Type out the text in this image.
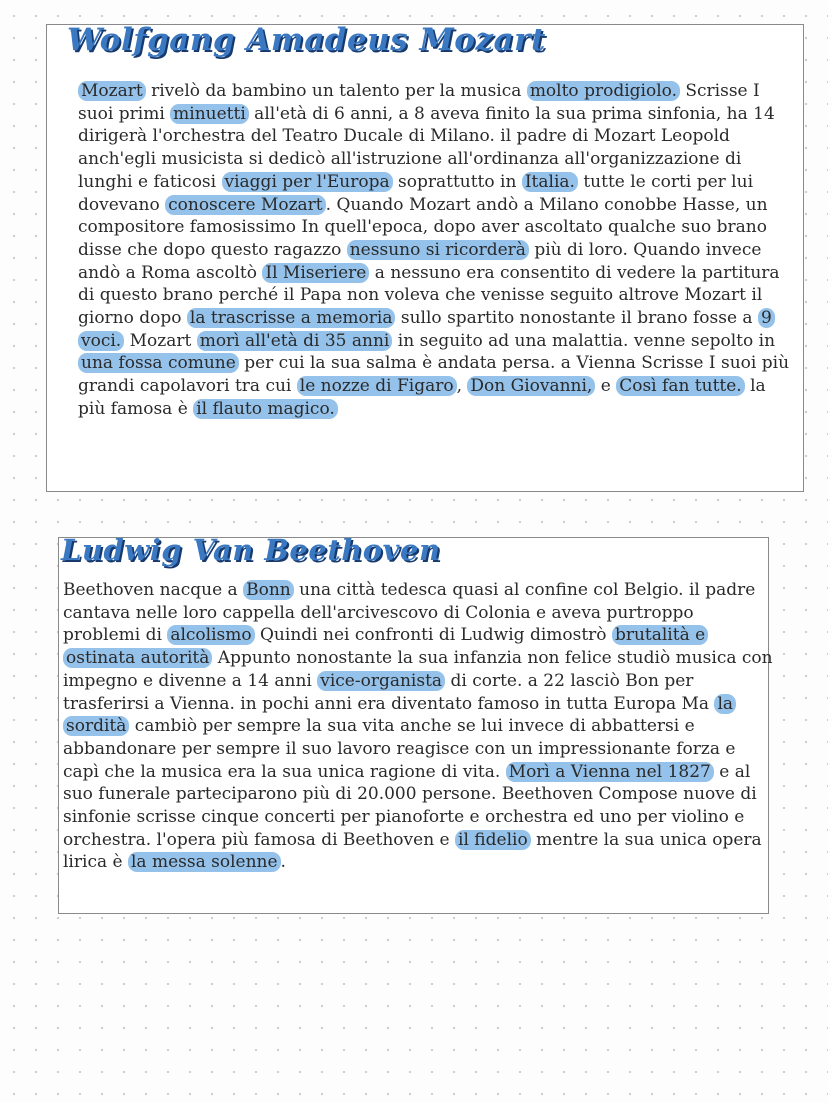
Wolfgang Amadeus Mozart

Mozart rivelò da bambino un talento per la musica molto prodigiolo. Scrisse I suoi primi minuetti all'età di 6 anni, a 8 aveva finito la sua prima sinfonia, ha 14 dirigerà l'orchestra del Teatro Ducale di Milano. il padre di Mozart Leopold anch'egli musicista si dedicò all'istruzione all'ordinanza all'organizzazione di lunghi e faticosi viaggi per l'Europa soprattutto in Italia. tutte le corti per lui dovevano conoscere Mozart . Quando Mozart andò a Milano conobbe Hasse, un compositore famosissimo In quell'epoca, dopo aver ascoltato qualche suo brano disse che dopo questo ragazzo nessuno si ricorderà più di loro. Quando invece andò a Roma ascoltò Il Miseriere a nessuno era consentito di vedere la partitura di questo brano perché il Papa non voleva che venisse seguito altrove Mozart il giorno dopo la trascrisse a memoria sullo spartito nonostante il brano fosse a 9 voci. Mozart morì all'età di 35 anni in seguito ad una malattia. venne sepolto in una fossa comune per cui la sua salma è andata persa. a Vienna Scrisse I suoi più grandi capolavori tra cui le nozze di Figaro , Don Giovanni, e Così fan tutte. la più famosa è il flauto magico.

Ludwig Van Beethoven

Beethoven nacque a Bonn una città tedesca quasi al confine col Belgio. il padre cantava nelle loro cappella dell'arcivescovo di Colonia e aveva purtroppo problemi di alcolismo Quindi nei confronti di Ludwig dimostrò brutalità e ostinata autorità Appunto nonostante la sua infanzia non felice studiò musica con impegno e divenne a 14 anni vice-organista di corte. a 22 lasciò Bon per trasferirsi a Vienna. in pochi anni era diventato famoso in tutta Europa Ma la sordità cambiò per sempre la sua vita anche se lui invece di abbattersi e abbandonare per sempre il suo lavoro reagisce con un impressionante forza e capì che la musica era la sua unica ragione di vita. Morì a Vienna nel 1827 e al suo funerale parteciparono più di 20.000 persone. Beethoven Compose nuove di sinfonie scrisse cinque concerti per pianoforte e orchestra ed uno per violino e orchestra. l'opera più famosa di Beethoven e il fidelio mentre la sua unica opera lirica è la messa solenne .
